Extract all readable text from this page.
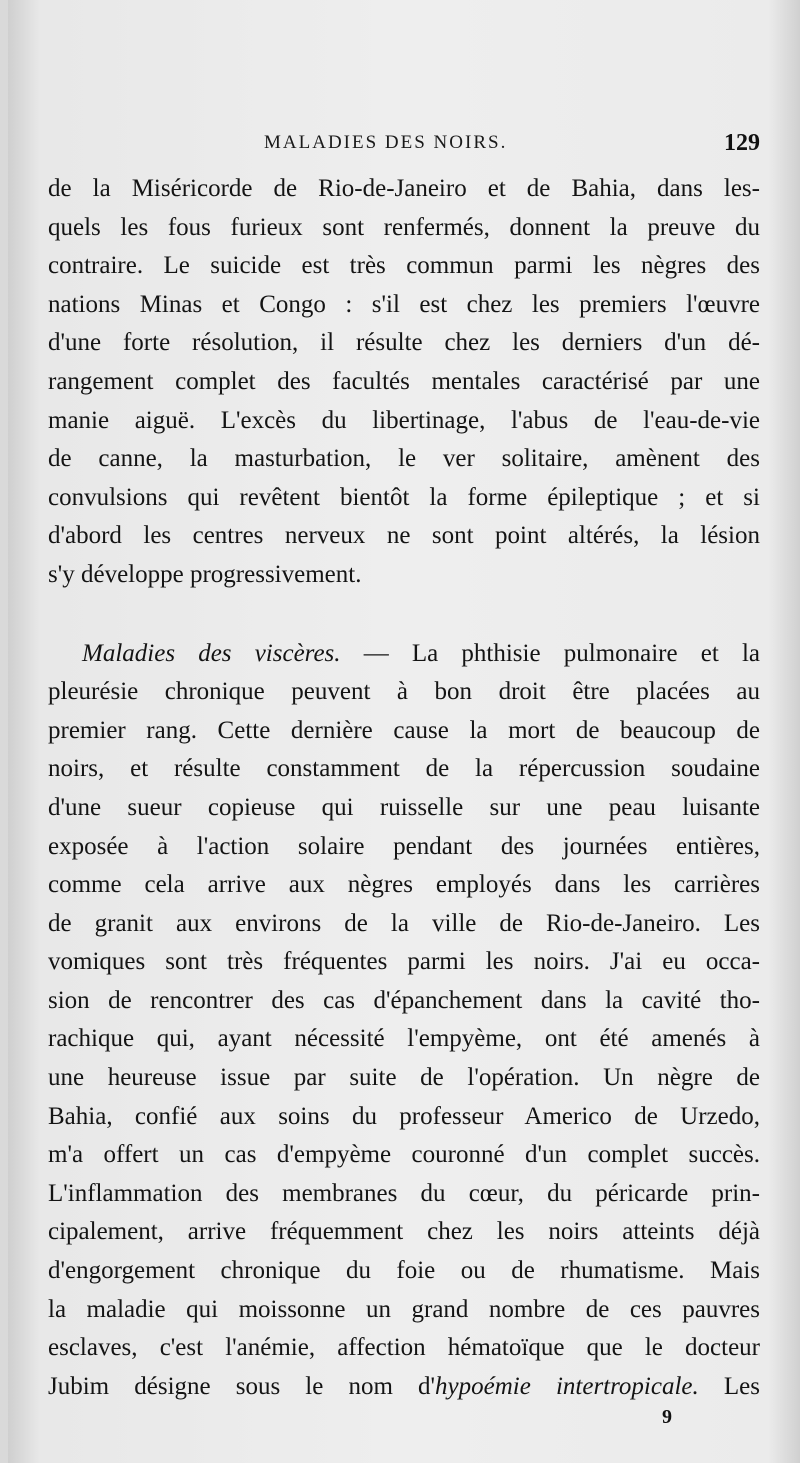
MALADIES DES NOIRS.	129
de la Miséricorde de Rio-de-Janeiro et de Bahia, dans les-
quels les fous furieux sont renfermés, donnent la preuve du
contraire. Le suicide est très commun parmi les nègres des
nations Minas et Congo : s'il est chez les premiers l'œuvre
d'une forte résolution, il résulte chez les derniers d'un dé-
rangement complet des facultés mentales caractérisé par une
manie aiguë. L'excès du libertinage, l'abus de l'eau-de-vie
de canne, la masturbation, le ver solitaire, amènent des
convulsions qui revêtent bientôt la forme épileptique ; et si
d'abord les centres nerveux ne sont point altérés, la lésion
s'y développe progressivement.
Maladies des viscères. — La phthisie pulmonaire et la
pleurésie chronique peuvent à bon droit être placées au
premier rang. Cette dernière cause la mort de beaucoup de
noirs, et résulte constamment de la répercussion soudaine
d'une sueur copieuse qui ruisselle sur une peau luisante
exposée à l'action solaire pendant des journées entières,
comme cela arrive aux nègres employés dans les carrières
de granit aux environs de la ville de Rio-de-Janeiro. Les
vomiques sont très fréquentes parmi les noirs. J'ai eu occa-
sion de rencontrer des cas d'épanchement dans la cavité tho-
rachique qui, ayant nécessité l'empyème, ont été amenés à
une heureuse issue par suite de l'opération. Un nègre de
Bahia, confié aux soins du professeur Americo de Urzedo,
m'a offert un cas d'empyème couronné d'un complet succès.
L'inflammation des membranes du cœur, du péricarde prin-
cipalement, arrive fréquemment chez les noirs atteints déjà
d'engorgement chronique du foie ou de rhumatisme. Mais
la maladie qui moissonne un grand nombre de ces pauvres
esclaves, c'est l'anémie, affection hématoïque que le docteur
Jubim désigne sous le nom d'hypoémie intertropicale. Les
9
